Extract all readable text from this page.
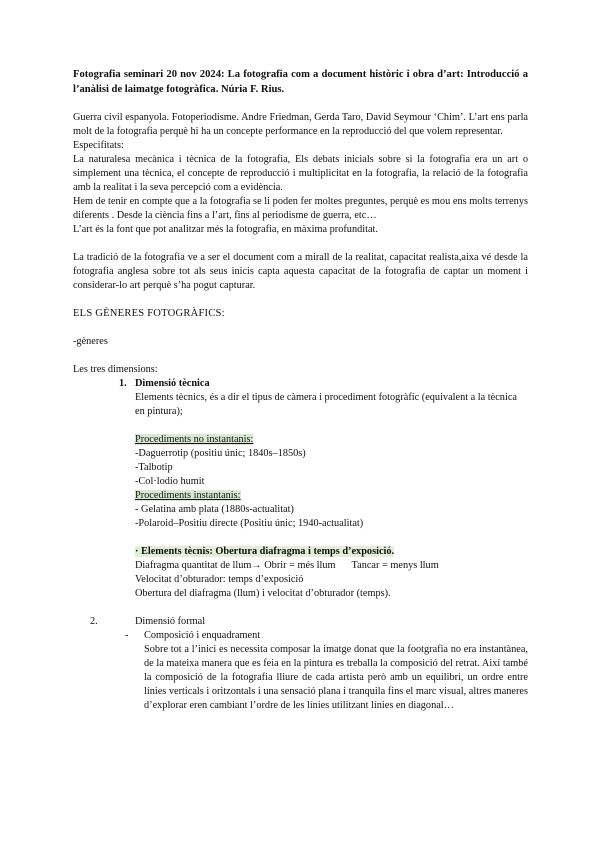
Fotografia seminari 20 nov 2024: La fotografia com a document històric i obra d’art: Introducció a l’anàlisi de laimatge fotogràfica. Núria F. Rius.

Guerra civil espanyola. Fotoperiodisme. Andre Friedman, Gerda Taro, David Seymour ‘Chim’. L’art ens parla molt de la fotografia perquè hi ha un concepte performance en la reproducció del que volem representar.

Especifitats:

La naturalesa mecànica i tècnica de la fotografia, Els debats inicials sobre si la fotografia era un art o simplement una tècnica, el concepte de reproducció i multiplicitat en la fotografia, la relació de la fotografia amb la realitat i la seva percepció com a evidència.

Hem de tenir en compte que a la fotografia se li poden fer moltes preguntes, perquè es mou ens molts terrenys diferents . Desde la ciència fins a l’art, fins al periodisme de guerra, etc…

L’art és la font que pot analitzar més la fotografia, en màxima profunditat.

La tradició de la fotografia ve a ser el document com a mirall de la realitat, capacitat realista,aixa vé desde la fotografia anglesa sobre tot als seus inicis capta aquesta capacitat de la fotografia de captar un moment i considerar-lo art perquè s’ha pogut capturar.

ELS GÈNERES FOTOGRÀFICS:

-gèneres

Les tres dimensions:

1. Dimensió tècnica

Elements tècnics, és a dir el tipus de càmera i procediment fotogràfic (equivalent a la tècnica en pintura);

Procediments no instantanis:

-Daguerrotip (positiu únic; 1840s–1850s)

-Talbotip

-Col·lodio humit

Procediments instantanis:

- Gelatina amb plata (1880s-actualitat)

-Polaroid–Positiu directe (Positiu únic; 1940-actualitat)

· Elements tècnis: Obertura diafragma i temps d’exposició.

Diafragma quantitat de llum→ Obrir = més llum Tancar = menys llum

Velocitat d’obturador: temps d’exposició

Obertura del diafragma (llum) i velocitat d’obturador (temps).

2.	Dimensió formal
- Composició i enquadrament

Sobre tot a l’inici es necessita composar la imatge donat que la footgrafia no era instantànea, de la mateixa manera que es feia en la pintura es treballa la composició del retrat. Així també la composició de la fotografia lliure de cada artista però amb un equilibri, un ordre entre línies verticals i oritzontals i una sensació plana i tranquila fins el marc visual, altres maneres d’explorar eren cambiant l’ordre de les línies utilitzant línies en diagonal…
